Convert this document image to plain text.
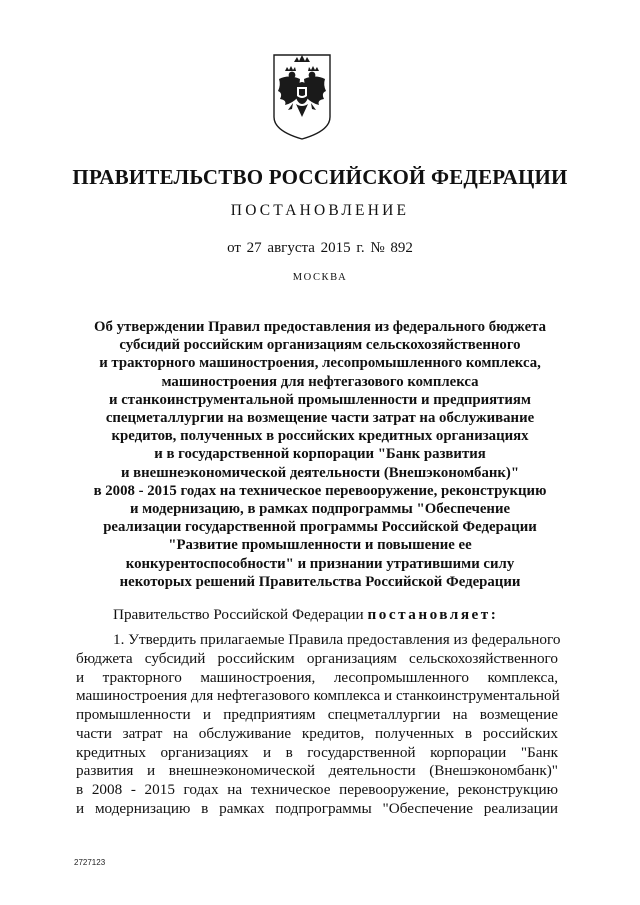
ПРАВИТЕЛЬСТВО РОССИЙСКОЙ ФЕДЕРАЦИИ
ПОСТАНОВЛЕНИЕ
от 27 августа 2015 г. № 892
МОСКВА
Об утверждении Правил предоставления из федерального бюджета
субсидий российским организациям сельскохозяйственного
и тракторного машиностроения, лесопромышленного комплекса,
машиностроения для нефтегазового комплекса
и станкоинструментальной промышленности и предприятиям
спецметаллургии на возмещение части затрат на обслуживание
кредитов, полученных в российских кредитных организациях
и в государственной корпорации "Банк развития
и внешнеэкономической деятельности (Внешэкономбанк)"
в 2008 - 2015 годах на техническое перевооружение, реконструкцию
и модернизацию, в рамках подпрограммы "Обеспечение
реализации государственной программы Российской Федерации
"Развитие промышленности и повышение ее
конкурентоспособности" и признании утратившими силу
некоторых решений Правительства Российской Федерации
Правительство Российской Федерации постановляет:
1. Утвердить прилагаемые Правила предоставления из федерального
бюджета субсидий российским организациям сельскохозяйственного
и тракторного машиностроения, лесопромышленного комплекса,
машиностроения для нефтегазового комплекса и станкоинструментальной
промышленности и предприятиям спецметаллургии на возмещение
части затрат на обслуживание кредитов, полученных в российских
кредитных организациях и в государственной корпорации "Банк
развития и внешнеэкономической деятельности (Внешэкономбанк)"
в 2008 - 2015 годах на техническое перевооружение, реконструкцию
и модернизацию в рамках подпрограммы "Обеспечение реализации
2727123
